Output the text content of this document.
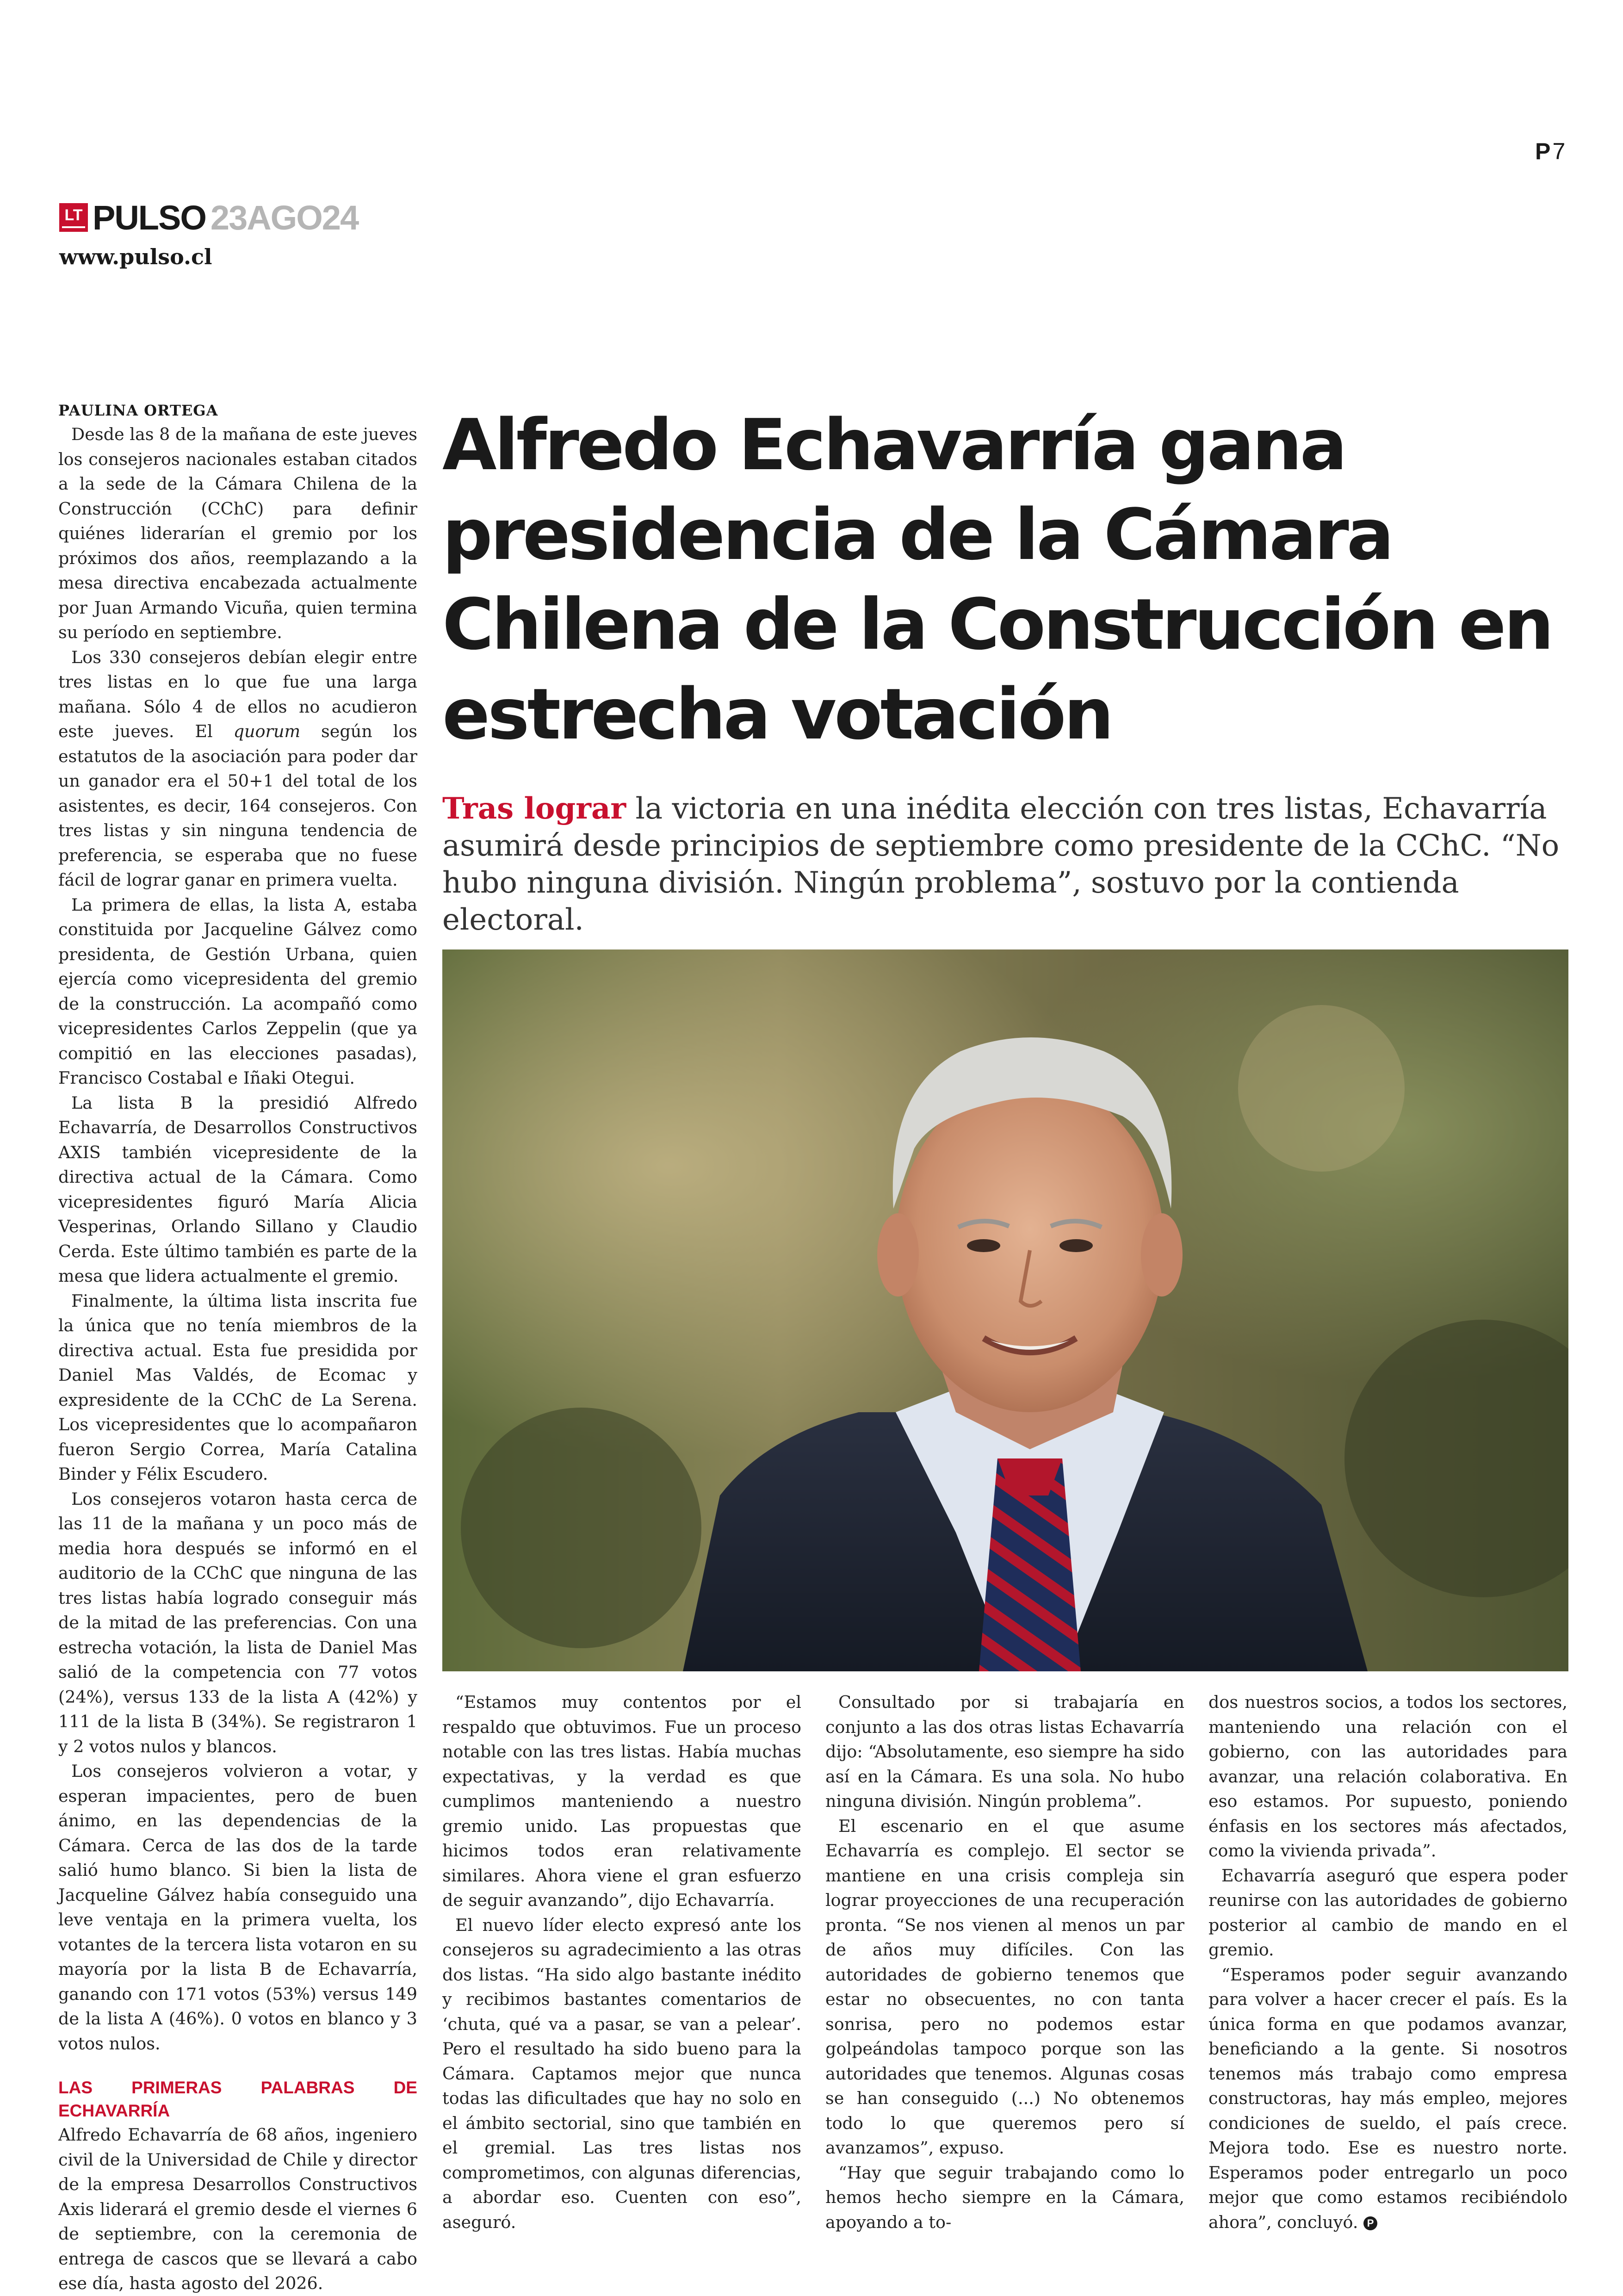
P 7
LT PULSO 23AGO24
www.pulso.cl
PAULINA ORTEGA

Desde las 8 de la mañana de este jueves los consejeros nacionales estaban citados a la sede de la Cámara Chilena de la Construcción (CChC) para definir quiénes liderarían el gremio por los próximos dos años, reemplazando a la mesa directiva encabezada actualmente por Juan Armando Vicuña, quien termina su período en septiembre.

Los 330 consejeros debían elegir entre tres listas en lo que fue una larga mañana. Sólo 4 de ellos no acudieron este jueves. El quorum según los estatutos de la asociación para poder dar un ganador era el 50+1 del total de los asistentes, es decir, 164 consejeros. Con tres listas y sin ninguna tendencia de preferencia, se esperaba que no fuese fácil de lograr ganar en primera vuelta.

La primera de ellas, la lista A, estaba constituida por Jacqueline Gálvez como presidenta, de Gestión Urbana, quien ejercía como vicepresidenta del gremio de la construcción. La acompañó como vicepresidentes Carlos Zeppelin (que ya compitió en las elecciones pasadas), Francisco Costabal e Iñaki Otegui.

La lista B la presidió Alfredo Echavarría, de Desarrollos Constructivos AXIS también vicepresidente de la directiva actual de la Cámara. Como vicepresidentes figuró María Alicia Vesperinas, Orlando Sillano y Claudio Cerda. Este último también es parte de la mesa que lidera actualmente el gremio.

Finalmente, la última lista inscrita fue la única que no tenía miembros de la directiva actual. Esta fue presidida por Daniel Mas Valdés, de Ecomac y expresidente de la CChC de La Serena. Los vicepresidentes que lo acompañaron fueron Sergio Correa, María Catalina Binder y Félix Escudero.

Los consejeros votaron hasta cerca de las 11 de la mañana y un poco más de media hora después se informó en el auditorio de la CChC que ninguna de las tres listas había logrado conseguir más de la mitad de las preferencias. Con una estrecha votación, la lista de Daniel Mas salió de la competencia con 77 votos (24%), versus 133 de la lista A (42%) y 111 de la lista B (34%). Se registraron 1 y 2 votos nulos y blancos.

Los consejeros volvieron a votar, y esperan impacientes, pero de buen ánimo, en las dependencias de la Cámara. Cerca de las dos de la tarde salió humo blanco. Si bien la lista de Jacqueline Gálvez había conseguido una leve ventaja en la primera vuelta, los votantes de la tercera lista votaron en su mayoría por la lista B de Echavarría, ganando con 171 votos (53%) versus 149 de la lista A (46%). 0 votos en blanco y 3 votos nulos.

LAS PRIMERAS PALABRAS DE ECHAVARRÍA

Alfredo Echavarría de 68 años, ingeniero civil de la Universidad de Chile y director de la empresa Desarrollos Constructivos Axis liderará el gremio desde el viernes 6 de septiembre, con la ceremonia de entrega de cascos que se llevará a cabo ese día, hasta agosto del 2026.

Alfredo Echavarría gana presidencia de la Cámara Chilena de la Construcción en estrecha votación
Tras lograr la victoria en una inédita elección con tres listas, Echavarría asumirá desde principios de septiembre como presidente de la CChC. “No hubo ninguna división. Ningún problema”, sostuvo por la contienda electoral.

“Estamos muy contentos por el respaldo que obtuvimos. Fue un proceso notable con las tres listas. Había muchas expectativas, y la verdad es que cumplimos manteniendo a nuestro gremio unido. Las propuestas que hicimos todos eran relativamente similares. Ahora viene el gran esfuerzo de seguir avanzando”, dijo Echavarría.

El nuevo líder electo expresó ante los consejeros su agradecimiento a las otras dos listas. “Ha sido algo bastante inédito y recibimos bastantes comentarios de ‘chuta, qué va a pasar, se van a pelear’. Pero el resultado ha sido bueno para la Cámara. Captamos mejor que nunca todas las dificultades que hay no solo en el ámbito sectorial, sino que también en el gremial. Las tres listas nos comprometimos, con algunas diferencias, a abordar eso. Cuenten con eso”, aseguró.

Consultado por si trabajaría en conjunto a las dos otras listas Echavarría dijo: “Absolutamente, eso siempre ha sido así en la Cámara. Es una sola. No hubo ninguna división. Ningún problema”.

El escenario en el que asume Echavarría es complejo. El sector se mantiene en una crisis compleja sin lograr proyecciones de una recuperación pronta. “Se nos vienen al menos un par de años muy difíciles. Con las autoridades de gobierno tenemos que estar no obsecuentes, no con tanta sonrisa, pero no podemos estar golpeándolas tampoco porque son las autoridades que tenemos. Algunas cosas se han conseguido (...) No obtenemos todo lo que queremos pero sí avanzamos”, expuso.

“Hay que seguir trabajando como lo hemos hecho siempre en la Cámara, apoyando a to-

dos nuestros socios, a todos los sectores, manteniendo una relación con el gobierno, con las autoridades para avanzar, una relación colaborativa. En eso estamos. Por supuesto, poniendo énfasis en los sectores más afectados, como la vivienda privada”.

Echavarría aseguró que espera poder reunirse con las autoridades de gobierno posterior al cambio de mando en el gremio.

“Esperamos poder seguir avanzando para volver a hacer crecer el país. Es la única forma en que podamos avanzar, beneficiando a la gente. Si nosotros tenemos más trabajo como empresa constructoras, hay más empleo, mejores condiciones de sueldo, el país crece. Mejora todo. Ese es nuestro norte. Esperamos poder entregarlo un poco mejor que como estamos recibiéndolo ahora”, concluyó. P
